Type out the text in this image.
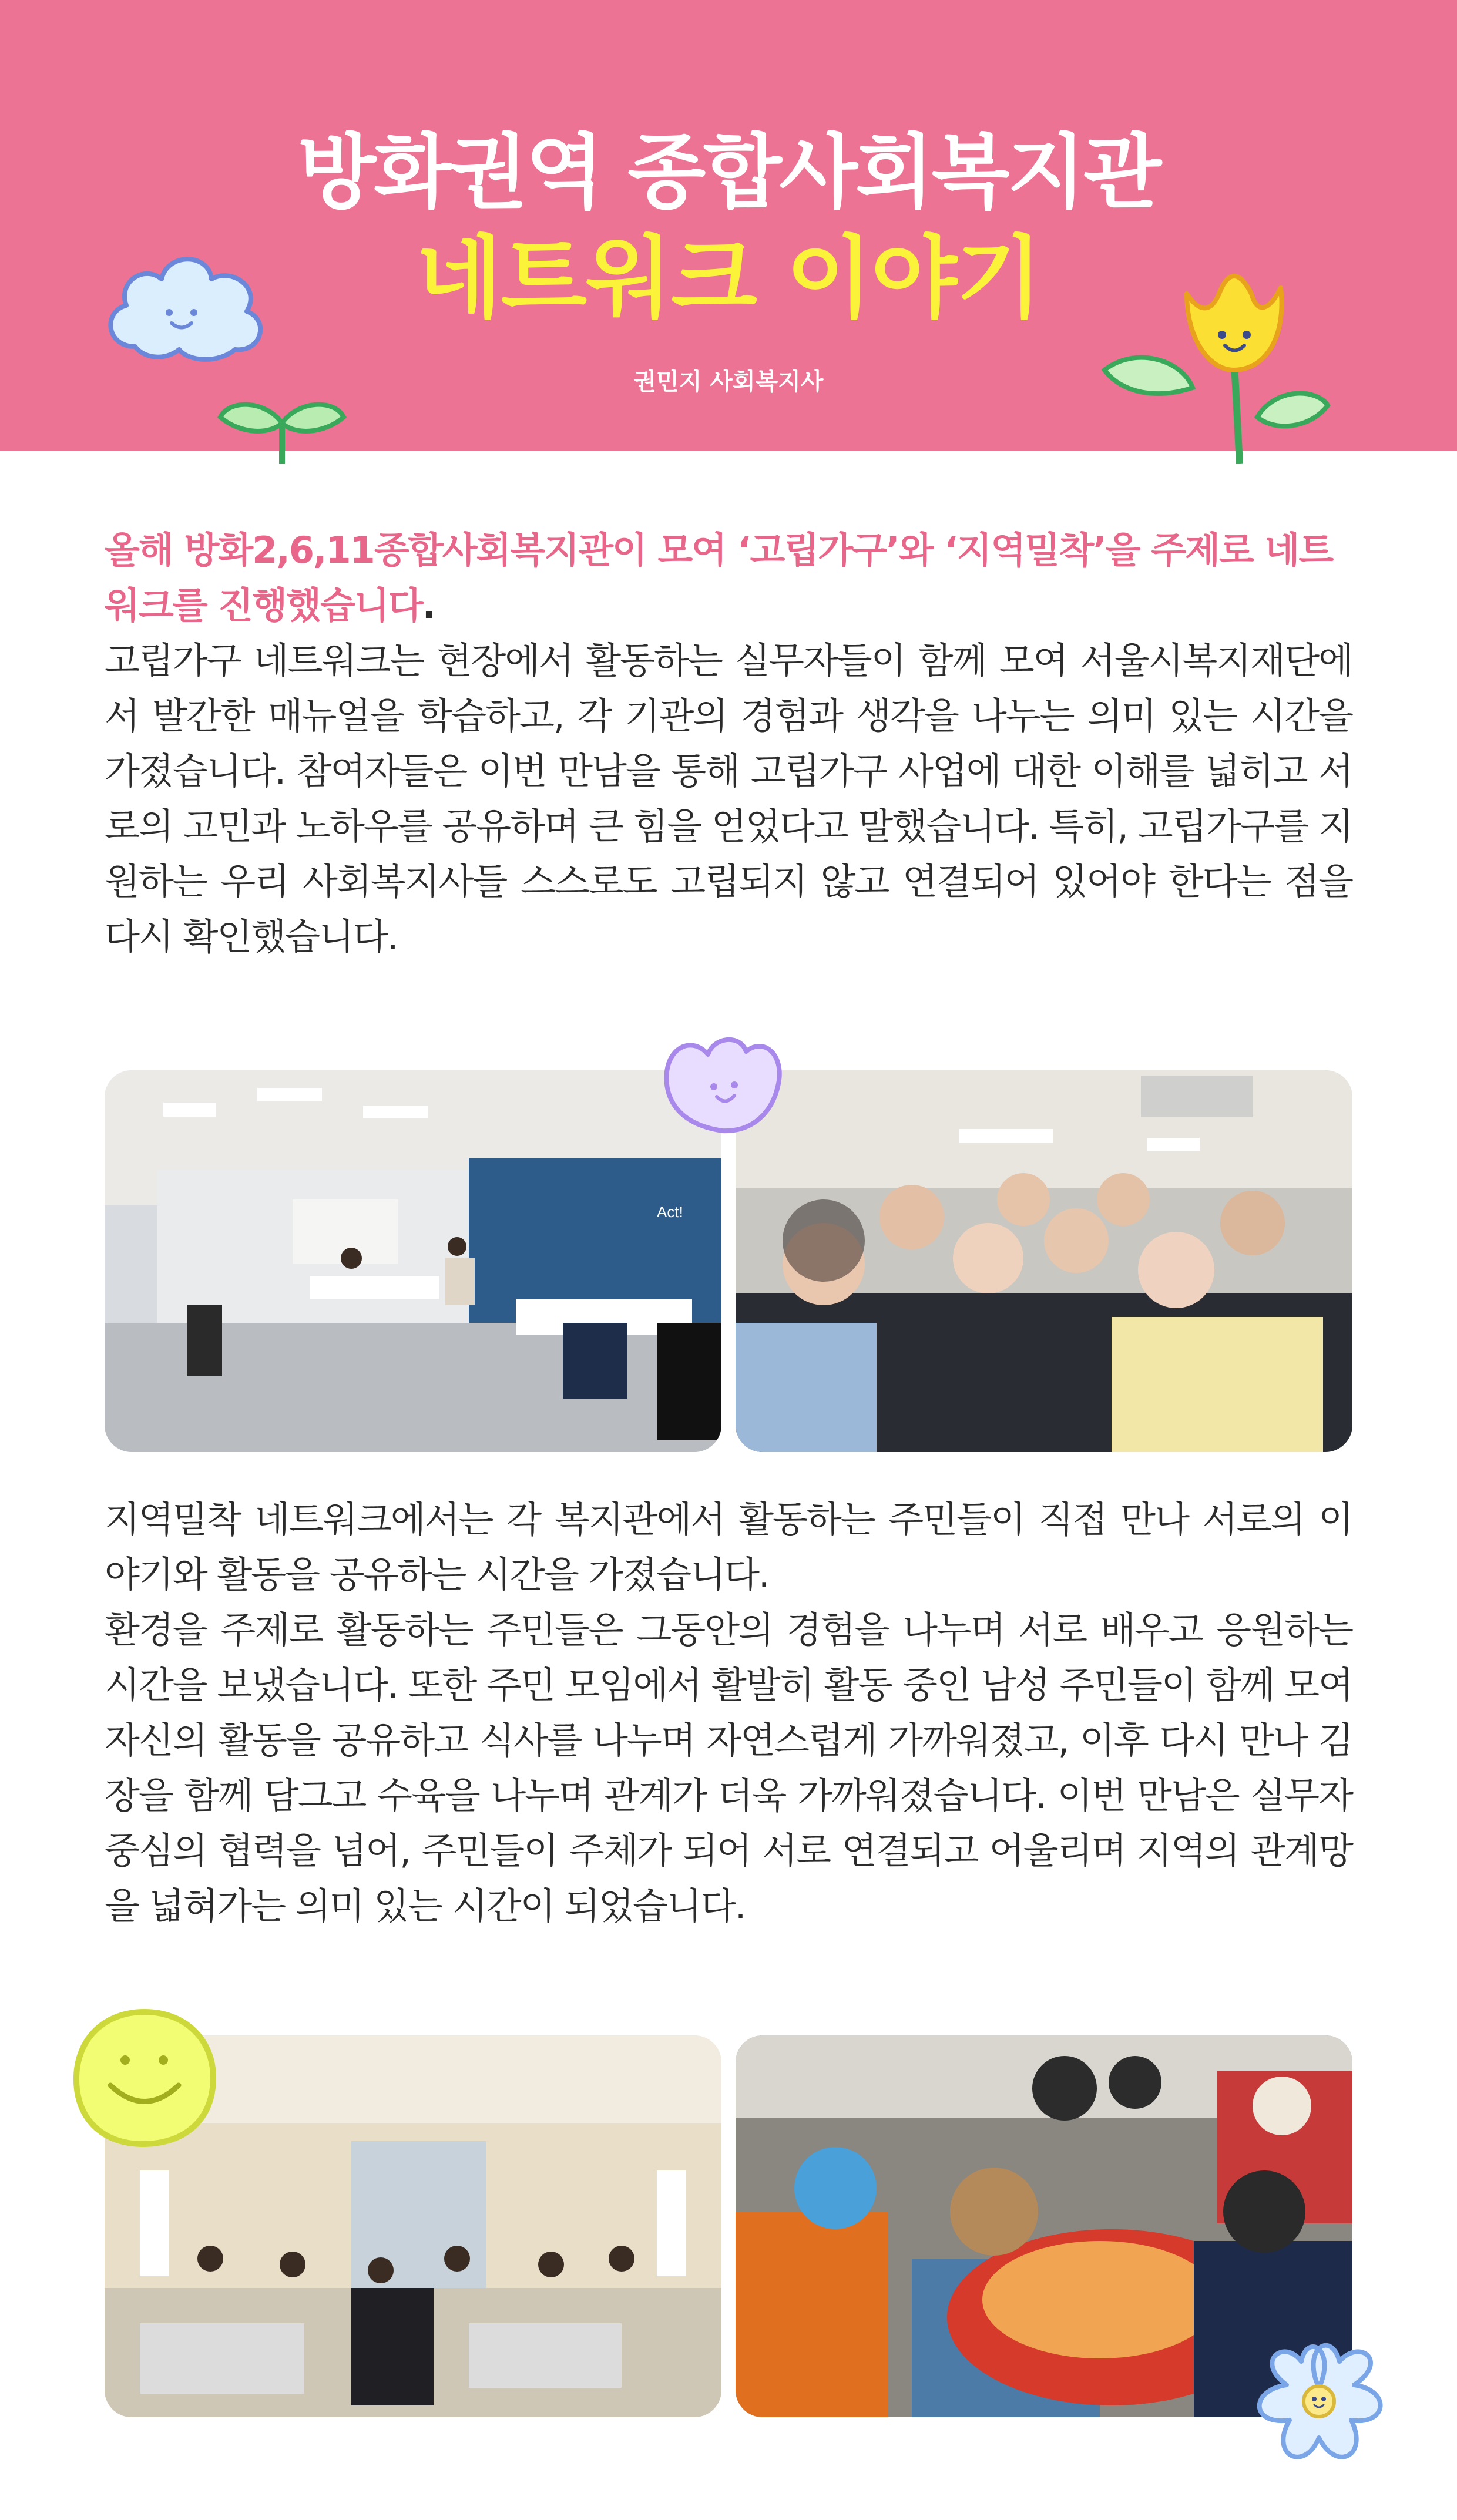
방화권역 종합사회복지관
네트워크 이야기
권민지 사회복지사

올해 방화2,6,11종합사회복지관이 모여 ‘고립가구’와 ‘지역밀착’을 주제로 네트워크를 진행했습니다.

고립가구 네트워크는 현장에서 활동하는 실무자들이 함께 모여 서울시복지재단에서 발간한 매뉴얼을 학습하고, 각 기관의 경험과 생각을 나누는 의미 있는 시간을 가졌습니다. 참여자들은 이번 만남을 통해 고립가구 사업에 대한 이해를 넓히고 서로의 고민과 노하우를 공유하며 큰 힘을 얻었다고 말했습니다. 특히, 고립가구를 지원하는 우리 사회복지사들 스스로도 고립되지 않고 연결되어 있어야 한다는 점을 다시 확인했습니다.

Act!

지역밀착 네트워크에서는 각 복지관에서 활동하는 주민들이 직접 만나 서로의 이야기와 활동을 공유하는 시간을 가졌습니다.

환경을 주제로 활동하는 주민들은 그동안의 경험을 나누며 서로 배우고 응원하는 시간을 보냈습니다. 또한 주민 모임에서 활발히 활동 중인 남성 주민들이 함께 모여 자신의 활동을 공유하고 식사를 나누며 자연스럽게 가까워졌고, 이후 다시 만나 김장을 함께 담그고 수육을 나누며 관계가 더욱 가까워졌습니다. 이번 만남은 실무자 중심의 협력을 넘어, 주민들이 주체가 되어 서로 연결되고 어울리며 지역의 관계망을 넓혀가는 의미 있는 시간이 되었습니다.
